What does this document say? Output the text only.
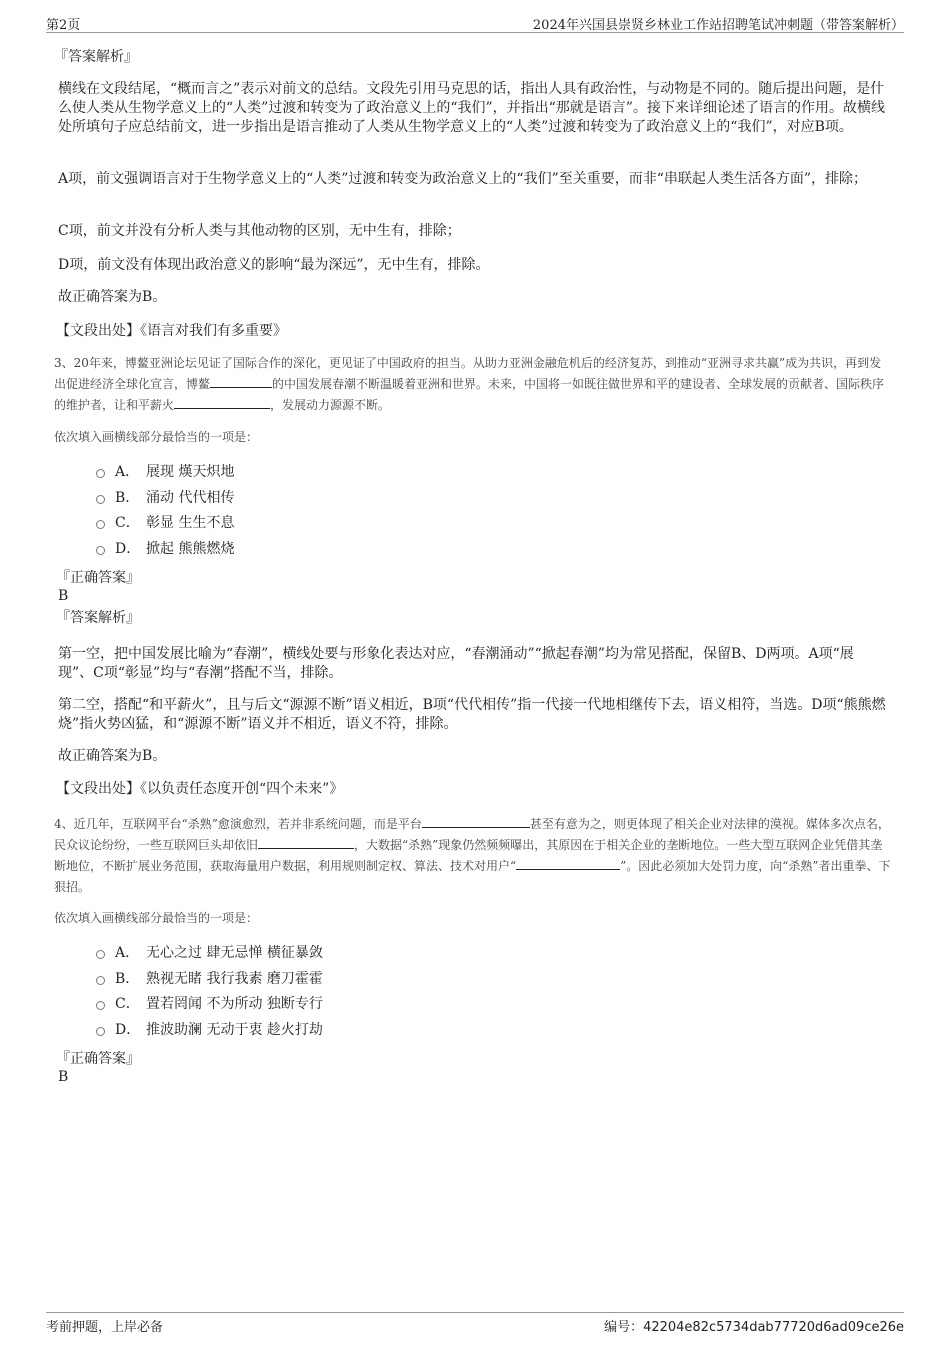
第2页	2024年兴国县崇贤乡林业工作站招聘笔试冲刺题（带答案解析）
『答案解析』

横线在文段结尾，“概而言之”表示对前文的总结。文段先引用马克思的话，指出人具有政治性，与动物是不同的。随后提出问题，是什么使人类从生物学意义上的“人类”过渡和转变为了政治意义上的“我们”，并指出“那就是语言”。接下来详细论述了语言的作用。故横线处所填句子应总结前文，进一步指出是语言推动了人类从生物学意义上的“人类”过渡和转变为了政治意义上的“我们”，对应B项。

A项，前文强调语言对于生物学意义上的“人类”过渡和转变为政治意义上的“我们”至关重要，而非“串联起人类生活各方面”，排除；

C项，前文并没有分析人类与其他动物的区别，无中生有，排除；

D项，前文没有体现出政治意义的影响“最为深远”，无中生有，排除。

故正确答案为B。

【文段出处】《语言对我们有多重要》

3、20年来，博鳌亚洲论坛见证了国际合作的深化，更见证了中国政府的担当。从助力亚洲金融危机后的经济复苏，到推动“亚洲寻求共赢”成为共识，再到发出促进经济全球化宣言，博鳌	的中国发展春潮不断温暖着亚洲和世界。未来，中国将一如既往做世界和平的建设者、全球发展的贡献者、国际秩序的维护者，让和平薪火	，发展动力源源不断。

依次填入画横线部分最恰当的一项是：

A． 展现 熯天炽地
B． 涌动 代代相传
C． 彰显 生生不息
D． 掀起 熊熊燃烧

『正确答案』

B

『答案解析』

第一空，把中国发展比喻为“春潮”，横线处要与形象化表达对应，“春潮涌动”“掀起春潮”均为常见搭配，保留B、D两项。A项“展现”、C项“彰显”均与“春潮”搭配不当，排除。

第二空，搭配“和平薪火”，且与后文“源源不断”语义相近，B项“代代相传”指一代接一代地相继传下去，语义相符，当选。D项“熊熊燃烧”指火势凶猛，和“源源不断”语义并不相近，语义不符，排除。

故正确答案为B。

【文段出处】《以负责任态度开创“四个未来”》

4、近几年，互联网平台“杀熟”愈演愈烈，若并非系统问题，而是平台	甚至有意为之，则更体现了相关企业对法律的漠视。媒体多次点名，民众议论纷纷，一些互联网巨头却依旧	，大数据“杀熟”现象仍然频频曝出，其原因在于相关企业的垄断地位。一些大型互联网企业凭借其垄断地位，不断扩展业务范围，获取海量用户数据，利用规则制定权、算法、技术对用户“	”。因此必须加大处罚力度，向“杀熟”者出重拳、下狠招。

依次填入画横线部分最恰当的一项是：

A． 无心之过 肆无忌惮 横征暴敛
B． 熟视无睹 我行我素 磨刀霍霍
C． 置若罔闻 不为所动 独断专行
D． 推波助澜 无动于衷 趁火打劫

『正确答案』

B

考前押题，上岸必备	编号：42204e82c5734dab77720d6ad09ce26e
